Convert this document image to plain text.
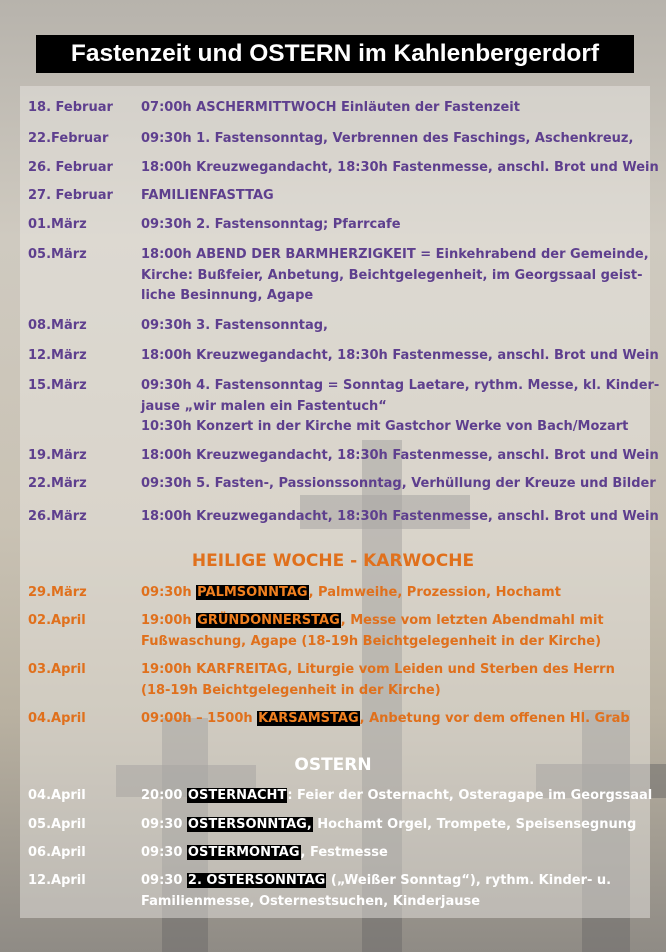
Fastenzeit und OSTERN im Kahlenbergerdorf
18. Februar 07:00h ASCHERMITTWOCH Einläuten der Fastenzeit
22.Februar	09:30h 1. Fastensonntag, Verbrennen des Faschings, Aschenkreuz,
26. Februar 18:00h Kreuzwegandacht, 18:30h Fastenmesse, anschl. Brot und Wein
27. Februar FAMILIENFASTTAG
01.März	09:30h 2. Fastensonntag; Pfarrcafe
05.März	18:00h ABEND DER BARMHERZIGKEIT = Einkehrabend der Gemeinde,
Kirche: Bußfeier, Anbetung, Beichtgelegenheit, im Georgssaal geist-
liche Besinnung, Agape
08.März	09:30h 3. Fastensonntag,
12.März	18:00h Kreuzwegandacht, 18:30h Fastenmesse, anschl. Brot und Wein
15.März	09:30h 4. Fastensonntag = Sonntag Laetare, rythm. Messe, kl. Kinder-
jause „wir malen ein Fastentuch“
10:30h Konzert in der Kirche mit Gastchor Werke von Bach/Mozart
19.März	18:00h Kreuzwegandacht, 18:30h Fastenmesse, anschl. Brot und Wein
22.März	09:30h 5. Fasten-, Passionssonntag, Verhüllung der Kreuze und Bilder
26.März	18:00h Kreuzwegandacht, 18:30h Fastenmesse, anschl. Brot und Wein
29.März	09:30h PALMSONNTAG, Palmweihe, Prozession, Hochamt
02.April	19:00h GRÜNDONNERSTAG, Messe vom letzten Abendmahl mit
Fußwaschung, Agape (18-19h Beichtgelegenheit in der Kirche)
03.April	19:00h KARFREITAG, Liturgie vom Leiden und Sterben des Herrn
(18-19h Beichtgelegenheit in der Kirche)
04.April	09:00h – 1500h KARSAMSTAG, Anbetung vor dem offenen Hl. Grab
04.April	20:00 OSTERNACHT: Feier der Osternacht, Osteragape im Georgssaal
05.April	09:30 OSTERSONNTAG, Hochamt Orgel, Trompete, Speisensegnung
06.April	09:30 OSTERMONTAG, Festmesse
12.April	09:30 2. OSTERSONNTAG („Weißer Sonntag“), rythm. Kinder- u.
Familienmesse, Osternestsuchen, Kinderjause
HEILIGE WOCHE - KARWOCHE
OSTERN
